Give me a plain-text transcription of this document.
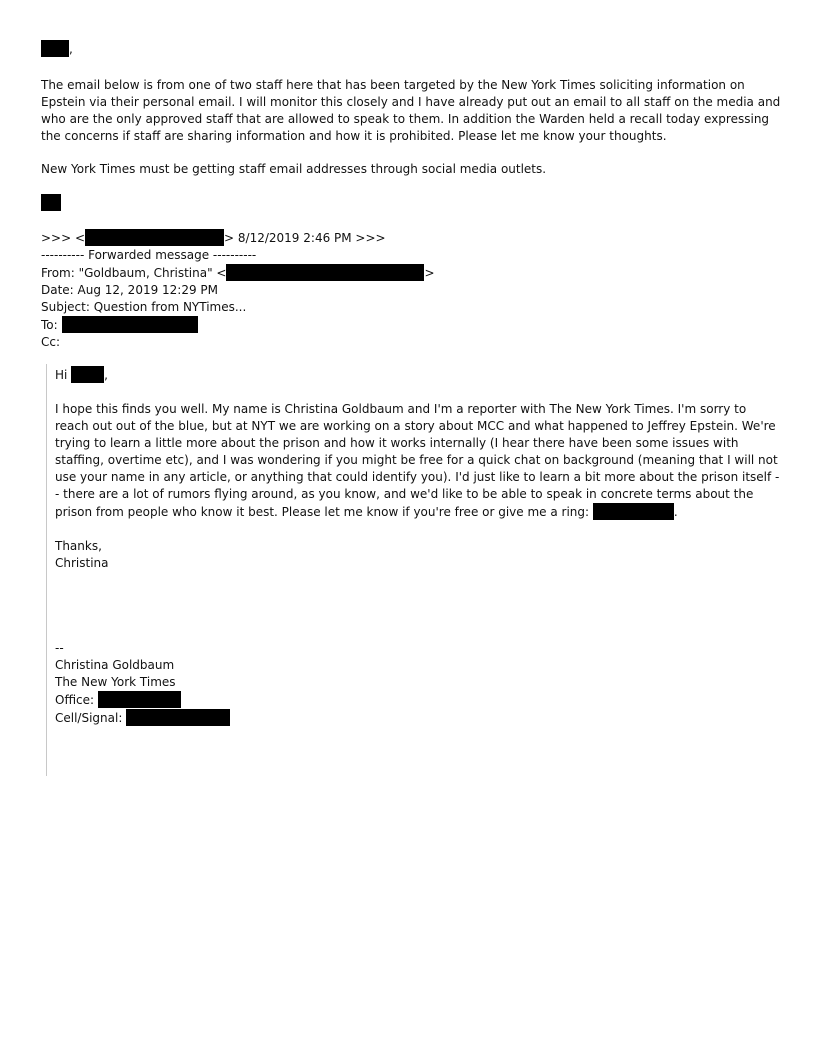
,

The email below is from one of two staff here that has been targeted by the New York Times soliciting information on Epstein via their personal email. I will monitor this closely and I have already put out an email to all staff on the media and who are the only approved staff that are allowed to speak to them. In addition the Warden held a recall today expressing the concerns if staff are sharing information and how it is prohibited. Please let me know your thoughts.

New York Times must be getting staff email addresses through social media outlets.

>>> <	> 8/12/2019 2:46 PM >>>
---------- Forwarded message ----------
From: "Goldbaum, Christina" <	>
Date: Aug 12, 2019 12:29 PM
Subject: Question from NYTimes...
To:
Cc:
Hi	,

I hope this finds you well. My name is Christina Goldbaum and I'm a reporter with The New York Times. I'm sorry to reach out out of the blue, but at NYT we are working on a story about MCC and what happened to Jeffrey Epstein. We're trying to learn a little more about the prison and how it works internally (I hear there have been some issues with staffing, overtime etc), and I was wondering if you might be free for a quick chat on background (meaning that I will not use your name in any article, or anything that could identify you). I'd just like to learn a bit more about the prison itself -- there are a lot of rumors flying around, as you know, and we'd like to be able to speak in concrete terms about the prison from people who know it best. Please let me know if you're free or give me a ring:	.

Thanks,
Christina
--
Christina Goldbaum
The New York Times
Office:
Cell/Signal:
